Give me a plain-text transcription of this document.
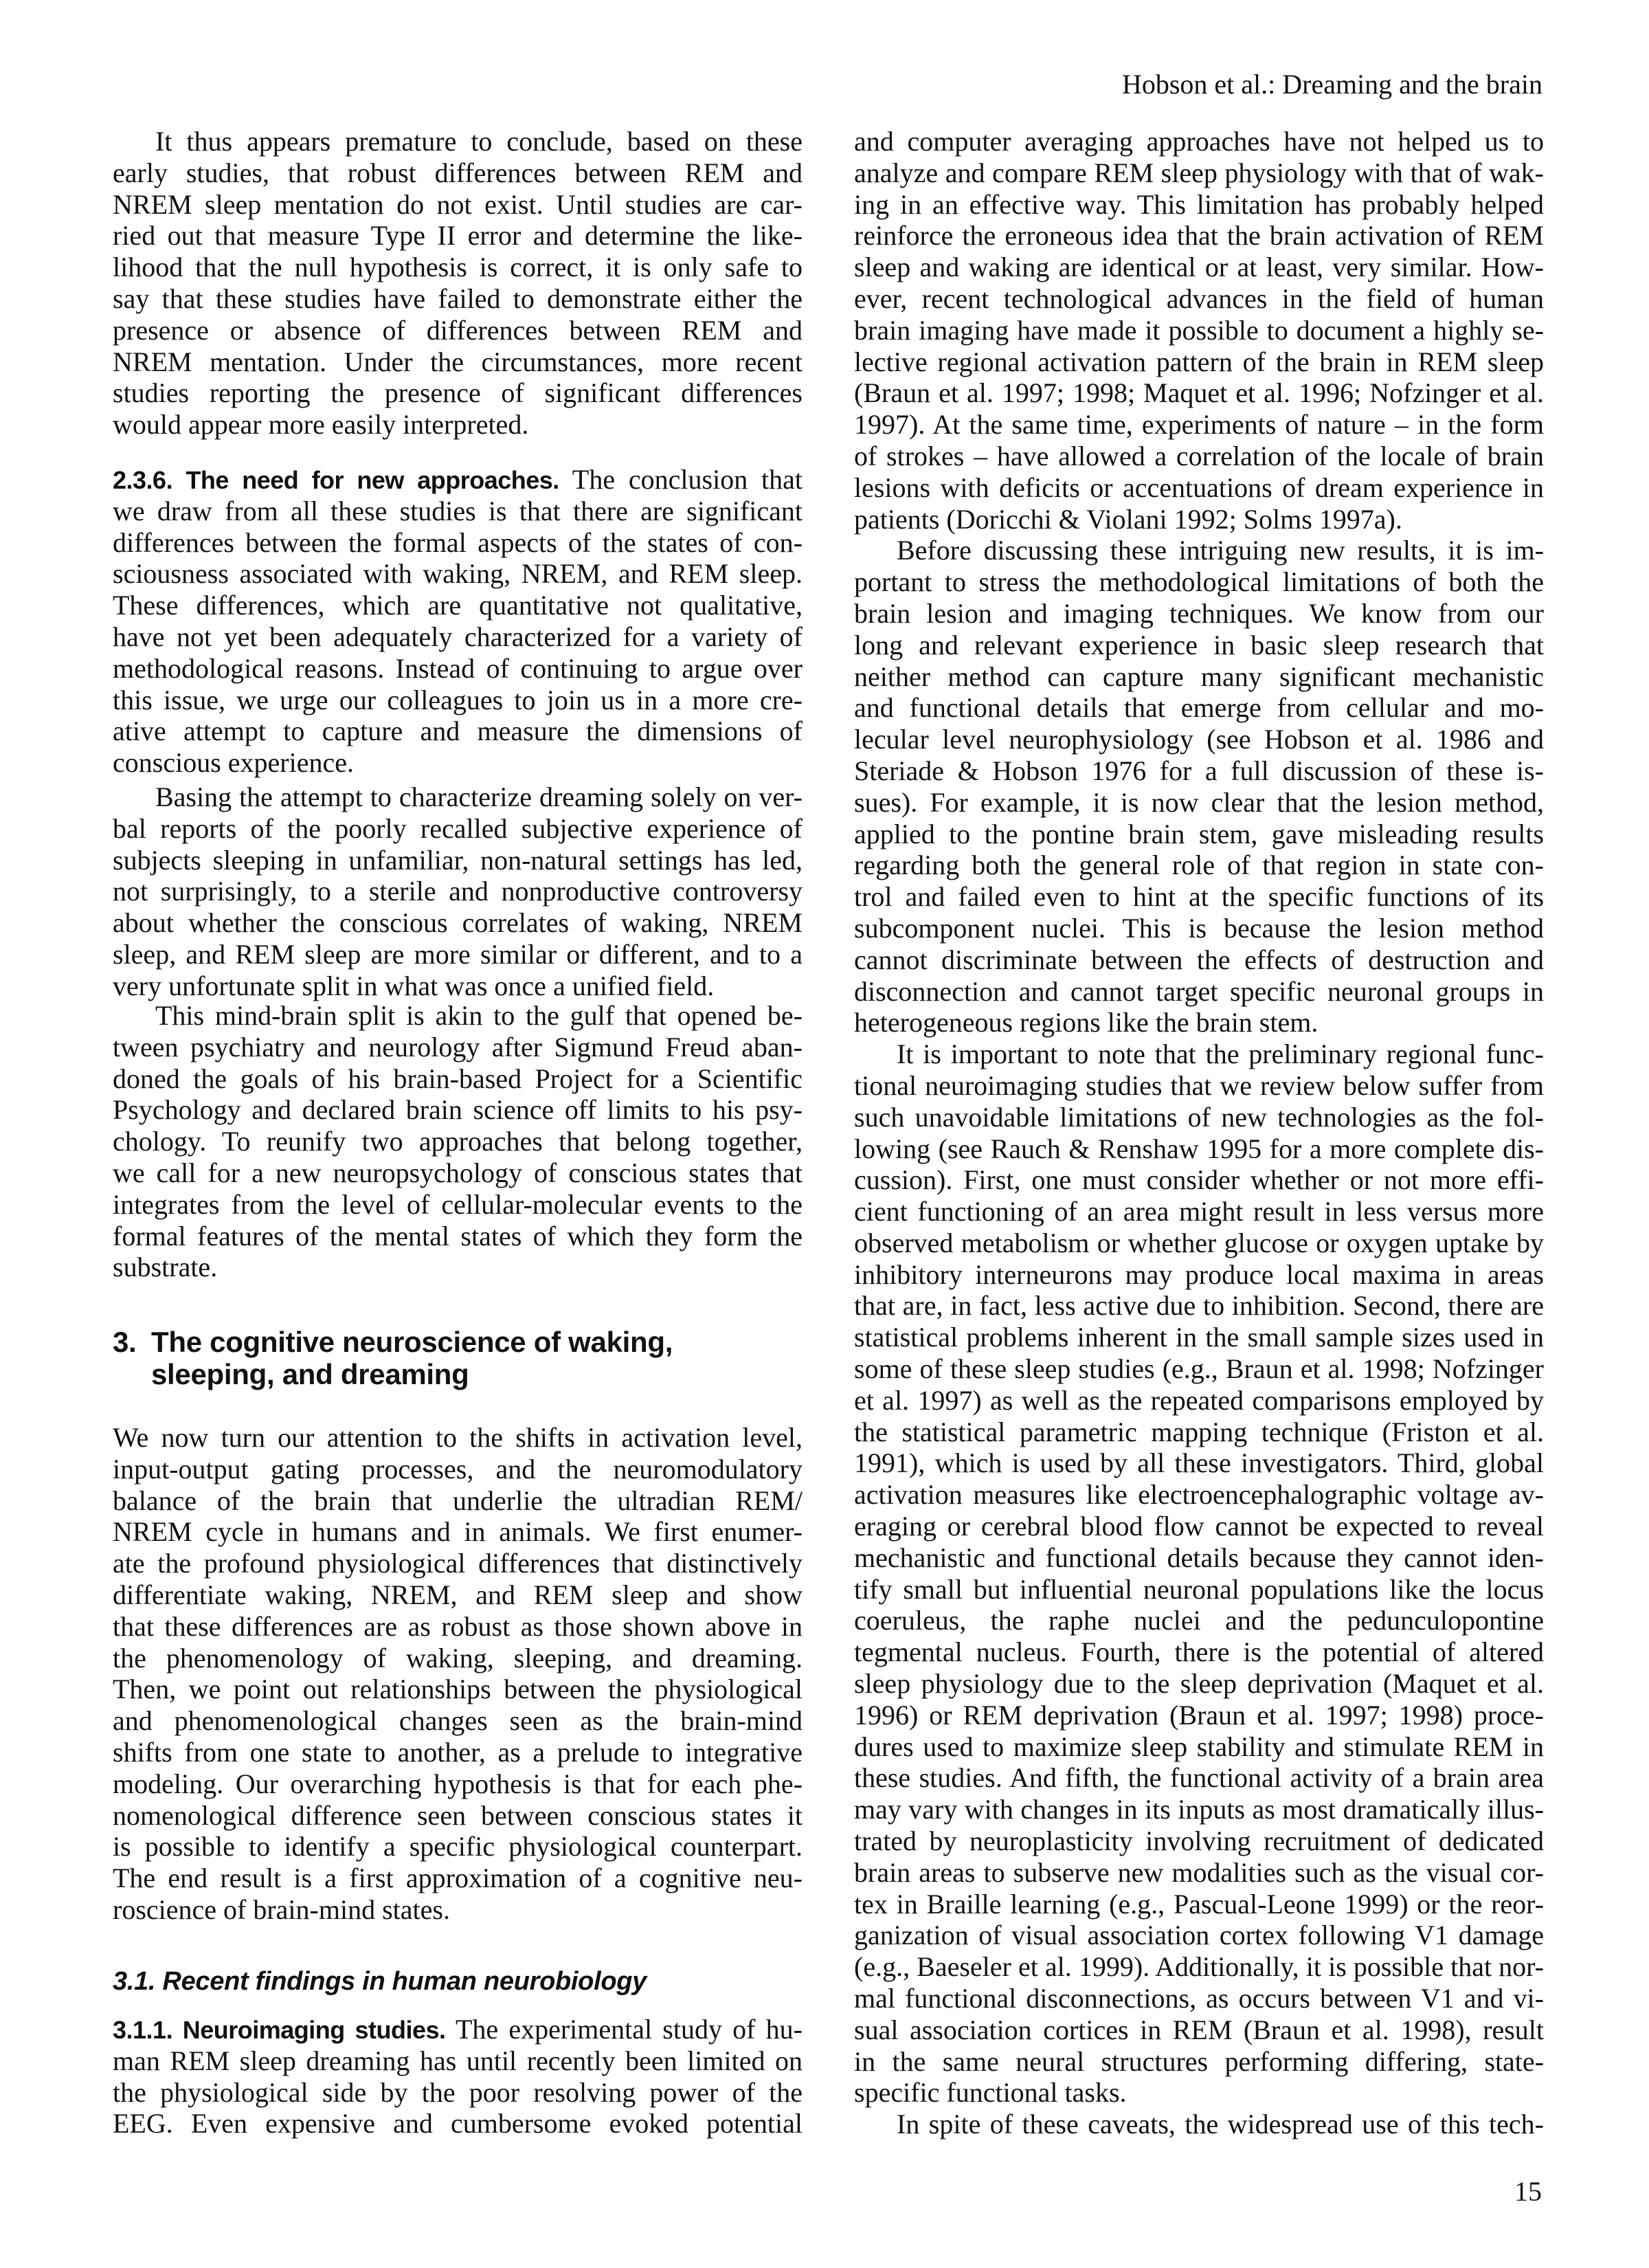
Hobson et al.: Dreaming and the brain
It thus appears premature to conclude, based on these
early studies, that robust differences between REM and
NREM sleep mentation do not exist. Until studies are car-
ried out that measure Type II error and determine the like-
lihood that the null hypothesis is correct, it is only safe to
say that these studies have failed to demonstrate either the
presence or absence of differences between REM and
NREM mentation. Under the circumstances, more recent
studies reporting the presence of significant differences
would appear more easily interpreted.
2.3.6. The need for new approaches. The conclusion that
we draw from all these studies is that there are significant
differences between the formal aspects of the states of con-
sciousness associated with waking, NREM, and REM sleep.
These differences, which are quantitative not qualitative,
have not yet been adequately characterized for a variety of
methodological reasons. Instead of continuing to argue over
this issue, we urge our colleagues to join us in a more cre-
ative attempt to capture and measure the dimensions of
conscious experience.
Basing the attempt to characterize dreaming solely on ver-
bal reports of the poorly recalled subjective experience of
subjects sleeping in unfamiliar, non-natural settings has led,
not surprisingly, to a sterile and nonproductive controversy
about whether the conscious correlates of waking, NREM
sleep, and REM sleep are more similar or different, and to a
very unfortunate split in what was once a unified field.
This mind-brain split is akin to the gulf that opened be-
tween psychiatry and neurology after Sigmund Freud aban-
doned the goals of his brain-based Project for a Scientific
Psychology and declared brain science off limits to his psy-
chology. To reunify two approaches that belong together,
we call for a new neuropsychology of conscious states that
integrates from the level of cellular-molecular events to the
formal features of the mental states of which they form the
substrate.
3. The cognitive neuroscience of waking,
sleeping, and dreaming
We now turn our attention to the shifts in activation level,
input-output gating processes, and the neuromodulatory
balance of the brain that underlie the ultradian REM/
NREM cycle in humans and in animals. We first enumer-
ate the profound physiological differences that distinctively
differentiate waking, NREM, and REM sleep and show
that these differences are as robust as those shown above in
the phenomenology of waking, sleeping, and dreaming.
Then, we point out relationships between the physiological
and phenomenological changes seen as the brain-mind
shifts from one state to another, as a prelude to integrative
modeling. Our overarching hypothesis is that for each phe-
nomenological difference seen between conscious states it
is possible to identify a specific physiological counterpart.
The end result is a first approximation of a cognitive neu-
roscience of brain-mind states.
3.1. Recent findings in human neurobiology
3.1.1. Neuroimaging studies. The experimental study of hu-
man REM sleep dreaming has until recently been limited on
the physiological side by the poor resolving power of the
EEG. Even expensive and cumbersome evoked potential
and computer averaging approaches have not helped us to
analyze and compare REM sleep physiology with that of wak-
ing in an effective way. This limitation has probably helped
reinforce the erroneous idea that the brain activation of REM
sleep and waking are identical or at least, very similar. How-
ever, recent technological advances in the field of human
brain imaging have made it possible to document a highly se-
lective regional activation pattern of the brain in REM sleep
(Braun et al. 1997; 1998; Maquet et al. 1996; Nofzinger et al.
1997). At the same time, experiments of nature – in the form
of strokes – have allowed a correlation of the locale of brain
lesions with deficits or accentuations of dream experience in
patients (Doricchi & Violani 1992; Solms 1997a).
Before discussing these intriguing new results, it is im-
portant to stress the methodological limitations of both the
brain lesion and imaging techniques. We know from our
long and relevant experience in basic sleep research that
neither method can capture many significant mechanistic
and functional details that emerge from cellular and mo-
lecular level neurophysiology (see Hobson et al. 1986 and
Steriade & Hobson 1976 for a full discussion of these is-
sues). For example, it is now clear that the lesion method,
applied to the pontine brain stem, gave misleading results
regarding both the general role of that region in state con-
trol and failed even to hint at the specific functions of its
subcomponent nuclei. This is because the lesion method
cannot discriminate between the effects of destruction and
disconnection and cannot target specific neuronal groups in
heterogeneous regions like the brain stem.
It is important to note that the preliminary regional func-
tional neuroimaging studies that we review below suffer from
such unavoidable limitations of new technologies as the fol-
lowing (see Rauch & Renshaw 1995 for a more complete dis-
cussion). First, one must consider whether or not more effi-
cient functioning of an area might result in less versus more
observed metabolism or whether glucose or oxygen uptake by
inhibitory interneurons may produce local maxima in areas
that are, in fact, less active due to inhibition. Second, there are
statistical problems inherent in the small sample sizes used in
some of these sleep studies (e.g., Braun et al. 1998; Nofzinger
et al. 1997) as well as the repeated comparisons employed by
the statistical parametric mapping technique (Friston et al.
1991), which is used by all these investigators. Third, global
activation measures like electroencephalographic voltage av-
eraging or cerebral blood flow cannot be expected to reveal
mechanistic and functional details because they cannot iden-
tify small but influential neuronal populations like the locus
coeruleus, the raphe nuclei and the pedunculopontine
tegmental nucleus. Fourth, there is the potential of altered
sleep physiology due to the sleep deprivation (Maquet et al.
1996) or REM deprivation (Braun et al. 1997; 1998) proce-
dures used to maximize sleep stability and stimulate REM in
these studies. And fifth, the functional activity of a brain area
may vary with changes in its inputs as most dramatically illus-
trated by neuroplasticity involving recruitment of dedicated
brain areas to subserve new modalities such as the visual cor-
tex in Braille learning (e.g., Pascual-Leone 1999) or the reor-
ganization of visual association cortex following V1 damage
(e.g., Baeseler et al. 1999). Additionally, it is possible that nor-
mal functional disconnections, as occurs between V1 and vi-
sual association cortices in REM (Braun et al. 1998), result
in the same neural structures performing differing, state-
specific functional tasks.
In spite of these caveats, the widespread use of this tech-
15
